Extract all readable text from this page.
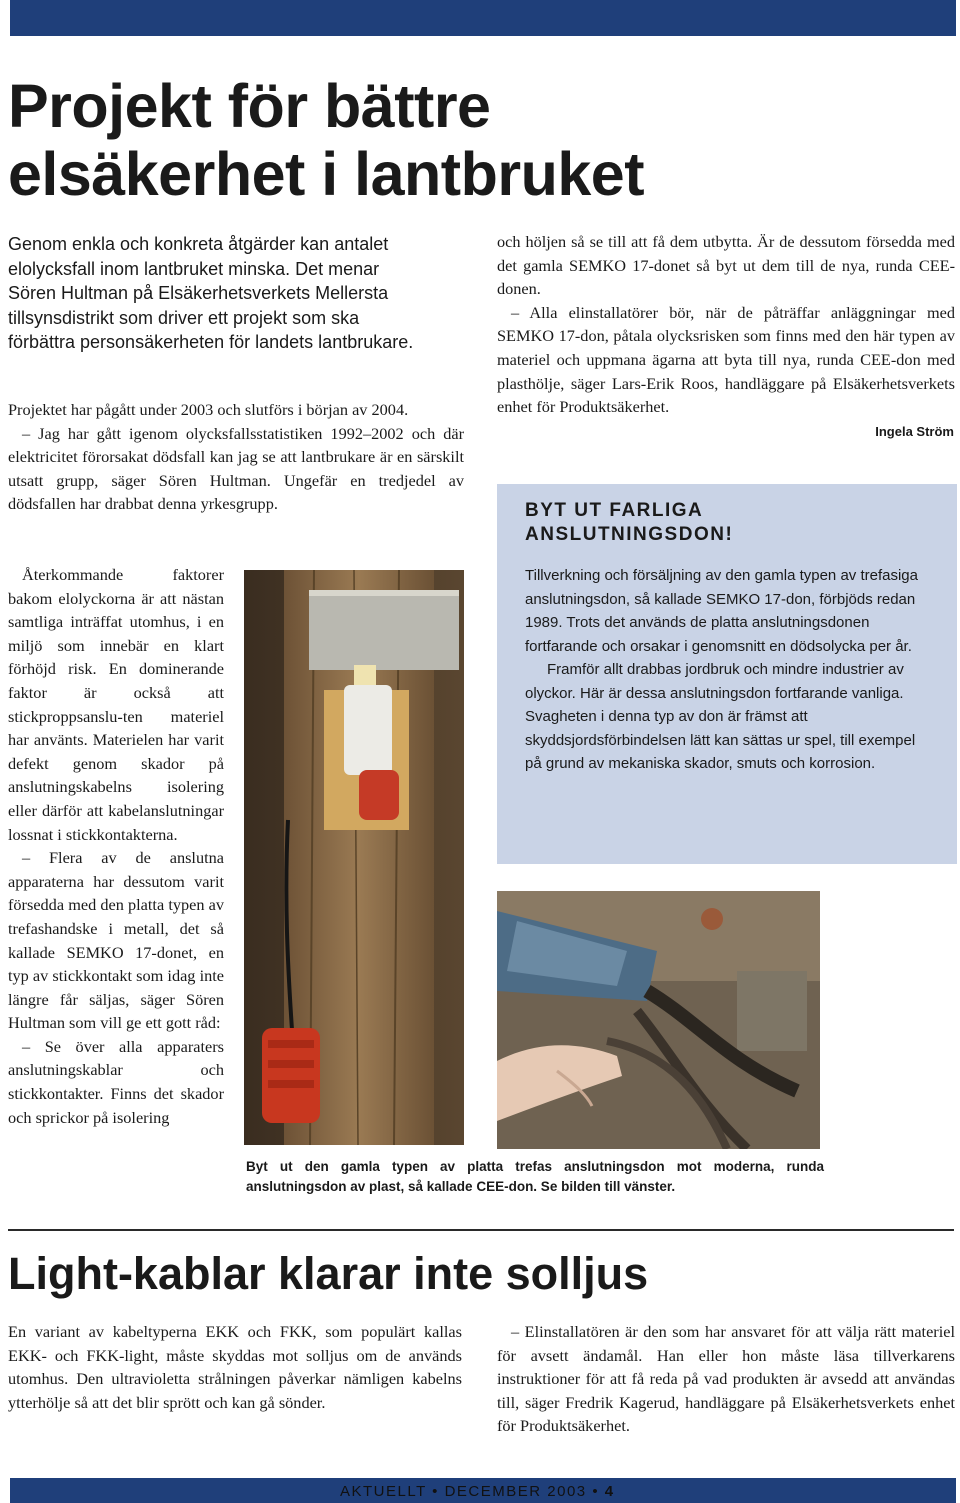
Projekt för bättre
elsäkerhet i lantbruket
Genom enkla och konkreta åtgärder kan antalet elolycksfall inom lantbruket minska. Det menar Sören Hultman på Elsäkerhetsverkets Mellersta tillsynsdistrikt som driver ett projekt som ska förbättra personsäkerheten för landets lantbrukare.

Projektet har pågått under 2003 och slutförs i början av 2004.

– Jag har gått igenom olycksfallsstatistiken 1992–2002 och där elektricitet förorsakat dödsfall kan jag se att lantbrukare är en särskilt utsatt grupp, säger Sören Hultman. Ungefär en tredjedel av dödsfallen har drabbat denna yrkesgrupp.

Återkommande faktorer bakom elolyckorna är att nästan samtliga inträffat utomhus, i en miljö som innebär en klart förhöjd risk. En dominerande faktor är också att stickproppsanslu-ten materiel har använts. Materielen har varit defekt genom skador på anslutningskabelns isolering eller därför att kabelanslutningar lossnat i stickkontakterna.

– Flera av de anslutna apparaterna har dessutom varit försedda med den platta typen av trefashandske i metall, det så kallade SEMKO 17-donet, en typ av stickkontakt som idag inte längre får säljas, säger Sören Hultman som vill ge ett gott råd:

– Se över alla apparaters anslutningskablar och stickkontakter. Finns det skador och sprickor på isolering

och höljen så se till att få dem utbytta. Är de dessutom försedda med det gamla SEMKO 17-donet så byt ut dem till de nya, runda CEE-donen.

– Alla elinstallatörer bör, när de påträffar anläggningar med SEMKO 17-don, påtala olycksrisken som finns med den här typen av materiel och uppmana ägarna att byta till nya, runda CEE-don med plasthölje, säger Lars-Erik Roos, handläggare på Elsäkerhetsverkets enhet för Produktsäkerhet.

Ingela Ström
BYT UT FARLIGA
ANSLUTNINGSDON!

Tillverkning och försäljning av den gamla typen av trefasiga anslutningsdon, så kallade SEMKO 17-don, förbjöds redan 1989. Trots det används de platta anslutningsdonen fortfarande och orsakar i genomsnitt en dödsolycka per år.

Framför allt drabbas jordbruk och mindre industrier av olyckor. Här är dessa anslutningsdon fortfarande vanliga. Svagheten i denna typ av don är främst att skyddsjordsförbindelsen lätt kan sättas ur spel, till exempel på grund av mekaniska skador, smuts och korrosion.

Byt ut den gamla typen av platta trefas anslutningsdon mot moderna, runda anslutningsdon av plast, så kallade CEE-don. Se bilden till vänster.
Light-kablar klarar inte solljus

En variant av kabeltyperna EKK och FKK, som populärt kallas EKK- och FKK-light, måste skyddas mot solljus om de används utomhus. Den ultravioletta strålningen påverkar nämligen kabelns ytterhölje så att det blir sprött och kan gå sönder.

– Elinstallatören är den som har ansvaret för att välja rätt materiel för avsett ändamål. Han eller hon måste läsa tillverkarens instruktioner för att få reda på vad produkten är avsedd att användas till, säger Fredrik Kagerud, handläggare på Elsäkerhetsverkets enhet för Produktsäkerhet.

AKTUELLT • DECEMBER 2003 • 4
